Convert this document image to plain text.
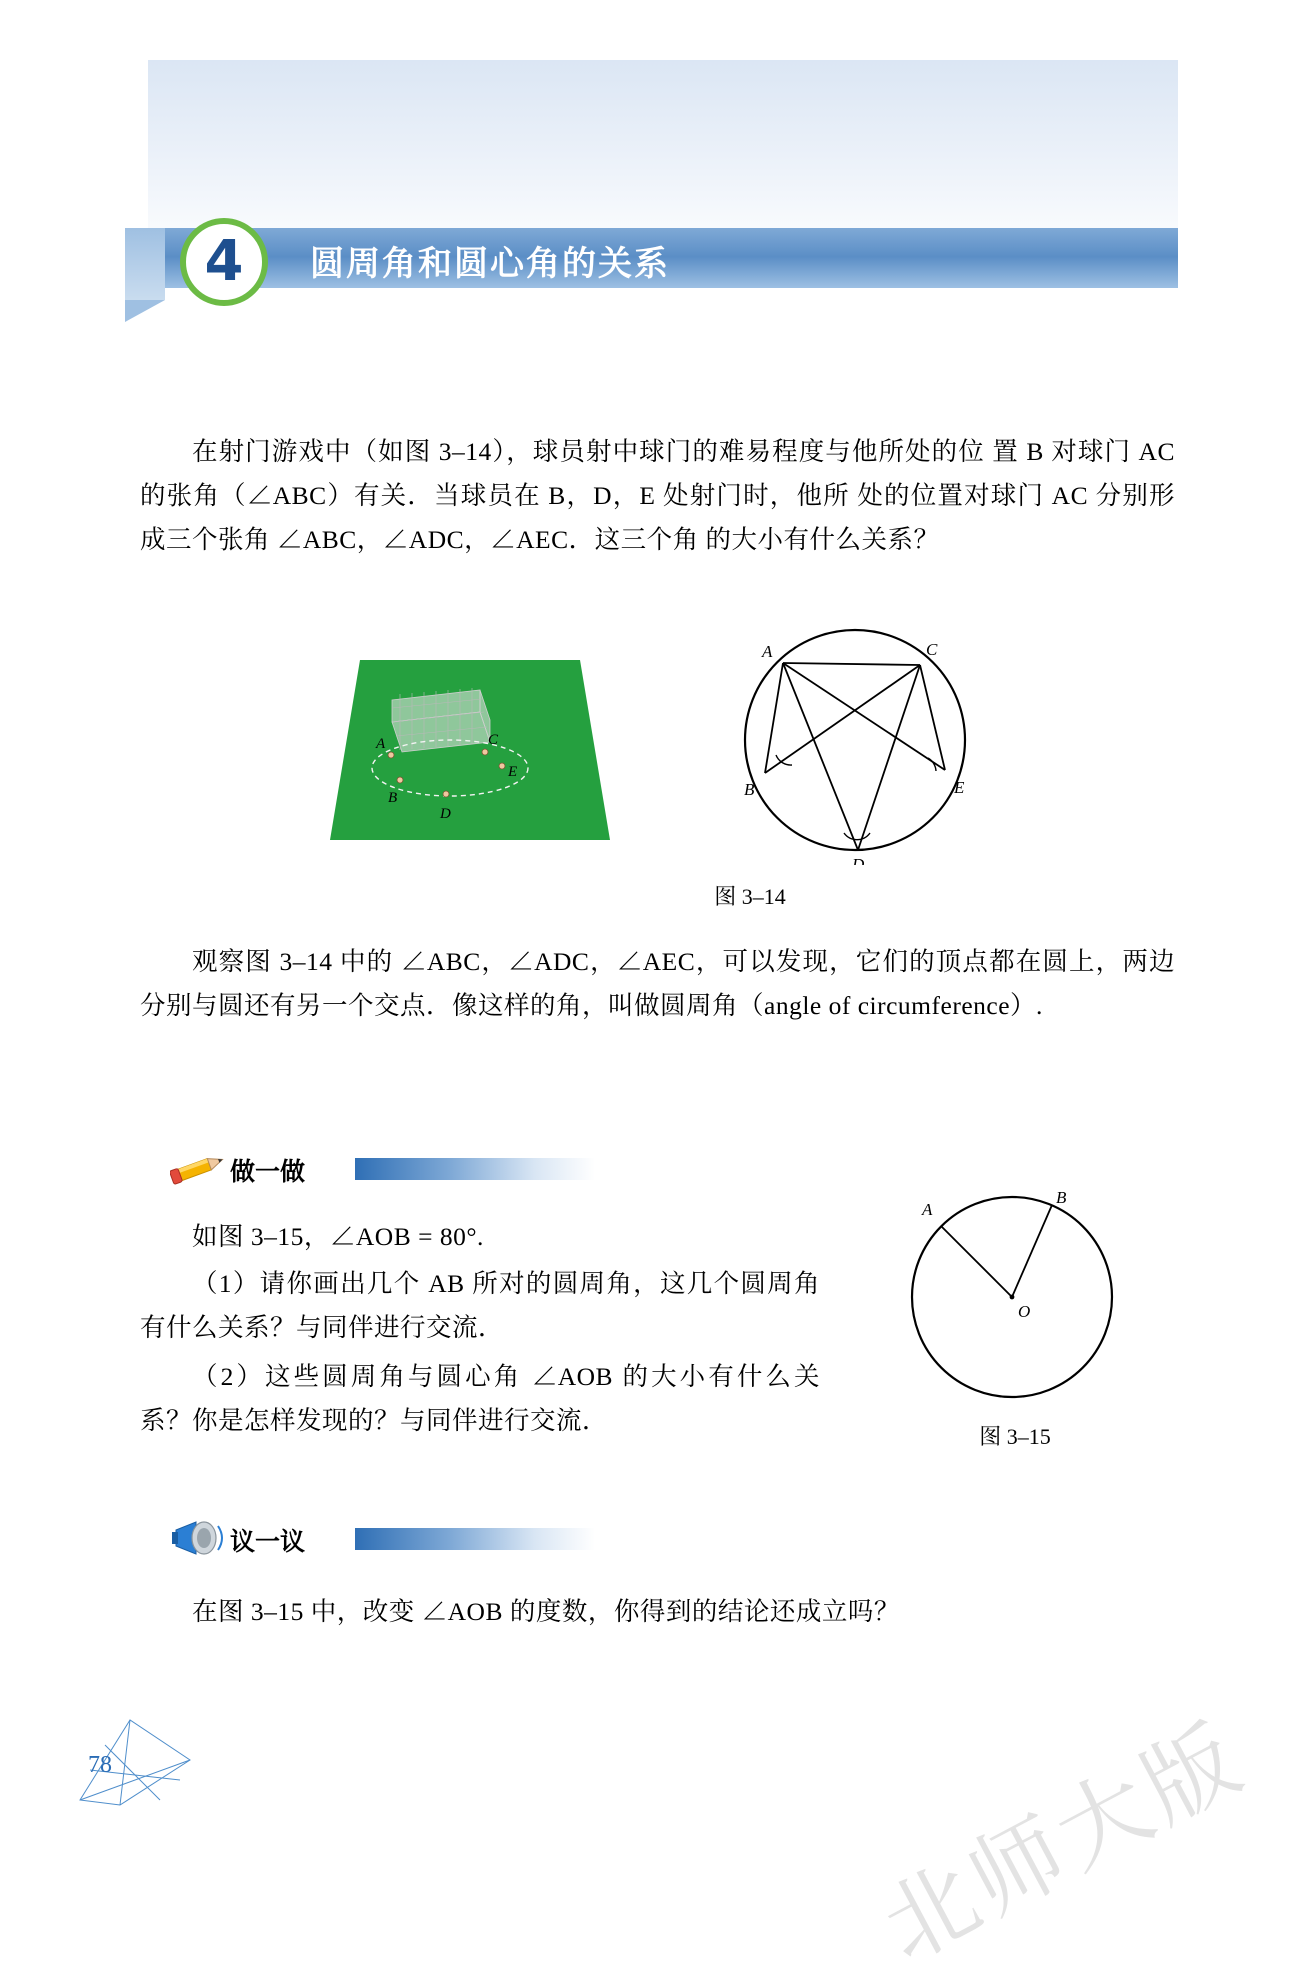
4	圆周角和圆心角的关系
在射门游戏中（如图 3–14），球员射中球门的难易程度与他所处的位 置 B 对球门 AC 的张角（∠ABC）有关．当球员在 B，D，E 处射门时，他所 处的位置对球门 AC 分别形成三个张角 ∠ABC，∠ADC，∠AEC．这三个角 的大小有什么关系？
A	C
E
B
D
A	C
B	E
D
图 3–14
观察图 3–14 中的 ∠ABC，∠ADC，∠AEC，可以发现，它们的顶点都在圆上，两边分别与圆还有另一个交点．像这样的角，叫做圆周角（angle of circumference）.
做一做
如图 3–15，∠AOB = 80°.
（1）请你画出几个 AB 所对的圆周角，这几个圆周角有什么关系？与同伴进行交流．
（2）这些圆周角与圆心角 ∠AOB 的大小有什么关系？你是怎样发现的？与同伴进行交流．
A
B
O
图 3–15
议一议
在图 3–15 中，改变 ∠AOB 的度数，你得到的结论还成立吗？
78	北师大版
